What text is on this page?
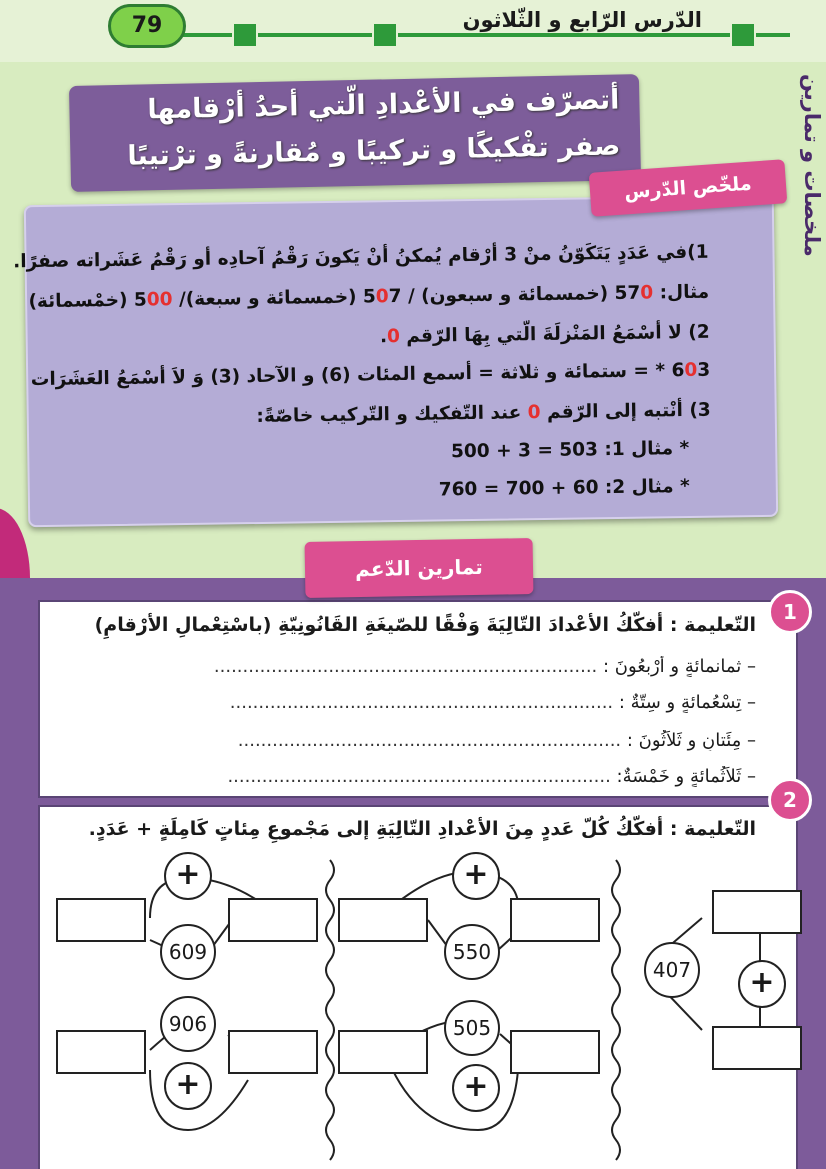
79	الدّرس الرّابع و الثّلاثون
ملخصات و تمارين
أتصرّف في الأعْدادِ الّتي أحدُ أرْقامها
صفر تفْكيكًا و تركيبًا و مُقارنةً و ترْتيبًا
1)في عَدَدٍ يَتَكَوّنُ منْ 3 أرْقام يُمكنُ أنْ يَكونَ رَقْمُ آحادِه أو رَقْمُ عَشَراته صفرًا.
مثال: 570 (خمسمائة و سبعون) / 507 (خمسمائة و سبعة)/ 500 (خمْسمائة)
2) لا أسْمَعُ المَنْزلَةَ الّتي بِهَا الرّقم 0.
603 * = ستمائة و ثلاثة = أسمع المئات (6) و الآحاد (3) وَ لاَ أسْمَعُ العَشَرَات
3) أنْتبه إلى الرّقم 0 عند التّفكيك و التّركيب خاصّةً:
* مثال 1: 503 = 3 + 500
* مثال 2: 60 + 700 = 760
ملخّص الدّرس
تمارين الدّعم
1
2
التّعليمة : أفكّكُ الأعْدادَ التّالِيَةَ وَفْقًا للصّيغَةِ القَانُونِيّةِ (باسْتِعْمالِ الأرْقامِ)
– ثمانمائةٍ و أرْبعُونَ : ...................................................................
– تِسْعُمائةٍ و سِتّةٌ : ...................................................................
– مِئَتانِ و ثَلاَثُونَ : ...................................................................
– ثَلاَثُمائةٍ و خَمْسَةٌ: ...................................................................
التّعليمة : أفكّكُ كُلّ عَددٍ مِنَ الأعْدادِ التّالِيَةِ إلى مَجْموعِ مِئاتٍ كَامِلَةٍ + عَدَدٍ.
+
609
906
+
+
550
505
+
407	+
